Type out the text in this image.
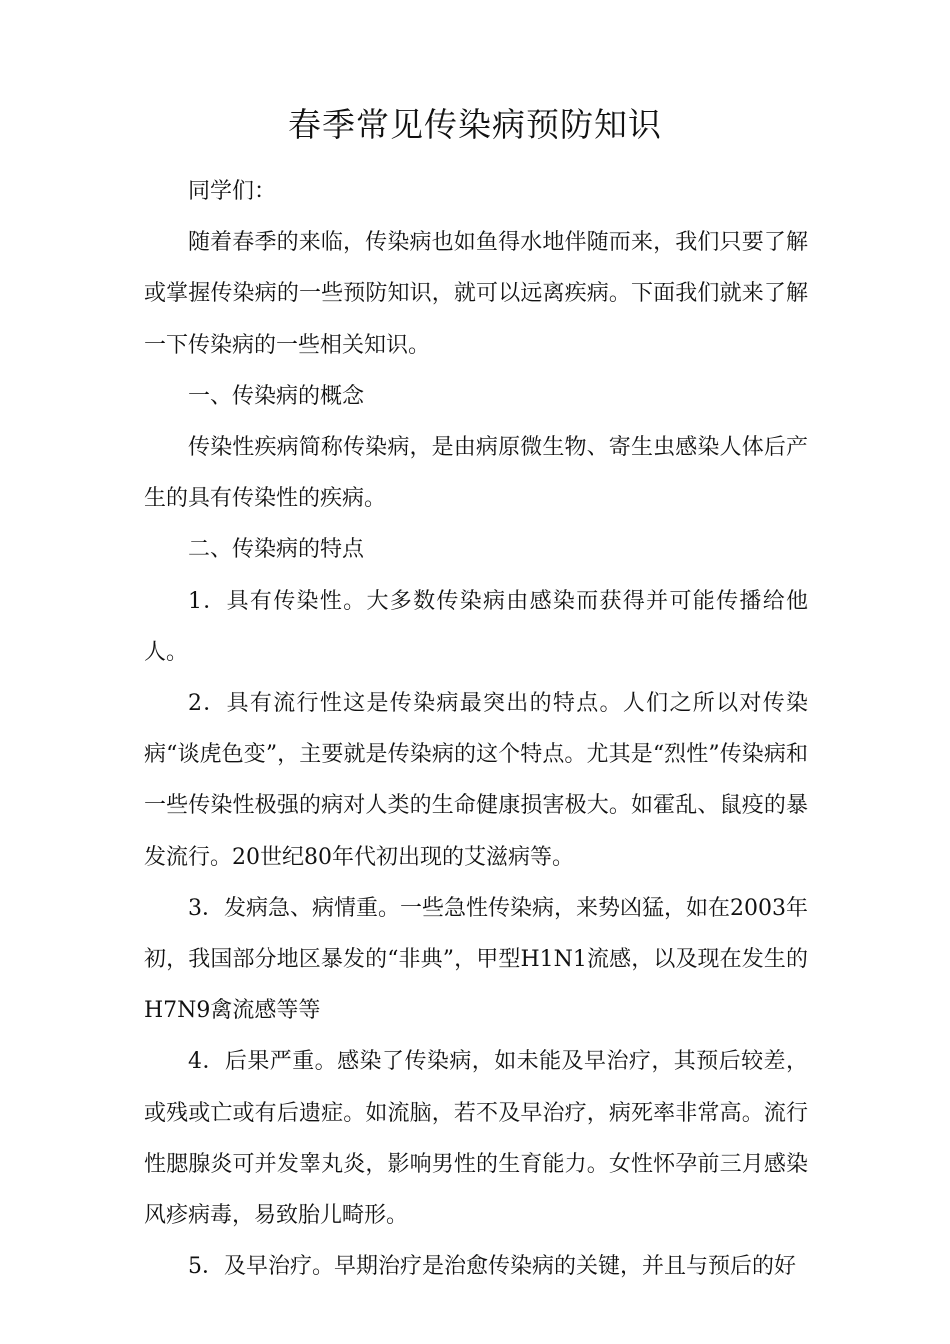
春季常见传染病预防知识

同学们：

随着春季的来临，传染病也如鱼得水地伴随而来，我们只要了解或掌握传染病的一些预防知识，就可以远离疾病。下面我们就来了解一下传染病的一些相关知识。

一、传染病的概念

传染性疾病简称传染病，是由病原微生物、寄生虫感染人体后产生的具有传染性的疾病。

二、传染病的特点

1．具有传染性。大多数传染病由感染而获得并可能传播给他人。

2．具有流行性这是传染病最突出的特点。人们之所以对传染病“谈虎色变”，主要就是传染病的这个特点。尤其是“烈性”传染病和一些传染性极强的病对人类的生命健康损害极大。如霍乱、鼠疫的暴发流行。20世纪80年代初出现的艾滋病等。

3．发病急、病情重。一些急性传染病，来势凶猛，如在2003年初，我国部分地区暴发的“非典”，甲型H1N1流感，以及现在发生的H7N9禽流感等等

4．后果严重。感染了传染病，如未能及早治疗，其预后较差，或残或亡或有后遗症。如流脑，若不及早治疗，病死率非常高。流行性腮腺炎可并发睾丸炎，影响男性的生育能力。女性怀孕前三月感染风疹病毒，易致胎儿畸形。

5．及早治疗。早期治疗是治愈传染病的关键，并且与预后的好
